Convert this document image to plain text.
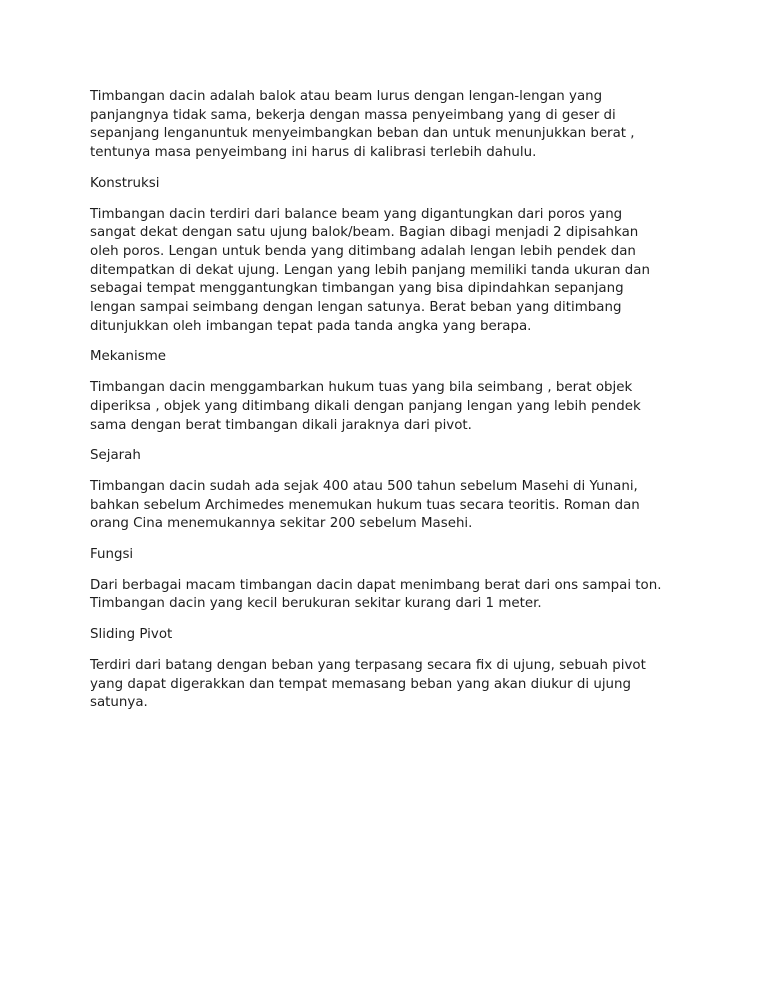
Timbangan dacin adalah balok atau beam lurus dengan lengan-lengan yang
panjangnya tidak sama, bekerja dengan massa penyeimbang yang di geser di
sepanjang lenganuntuk menyeimbangkan beban dan untuk menunjukkan berat ,
tentunya masa penyeimbang ini harus di kalibrasi terlebih dahulu.

Konstruksi

Timbangan dacin terdiri dari balance beam yang digantungkan dari poros yang
sangat dekat dengan satu ujung balok/beam. Bagian dibagi menjadi 2 dipisahkan
oleh poros. Lengan untuk benda yang ditimbang adalah lengan lebih pendek dan
ditempatkan di dekat ujung. Lengan yang lebih panjang memiliki tanda ukuran dan
sebagai tempat menggantungkan timbangan yang bisa dipindahkan sepanjang
lengan sampai seimbang dengan lengan satunya. Berat beban yang ditimbang
ditunjukkan oleh imbangan tepat pada tanda angka yang berapa.

Mekanisme

Timbangan dacin menggambarkan hukum tuas yang bila seimbang , berat objek
diperiksa , objek yang ditimbang dikali dengan panjang lengan yang lebih pendek
sama dengan berat timbangan dikali jaraknya dari pivot.

Sejarah

Timbangan dacin sudah ada sejak 400 atau 500 tahun sebelum Masehi di Yunani,
bahkan sebelum Archimedes menemukan hukum tuas secara teoritis. Roman dan
orang Cina menemukannya sekitar 200 sebelum Masehi.

Fungsi

Dari berbagai macam timbangan dacin dapat menimbang berat dari ons sampai ton.
Timbangan dacin yang kecil berukuran sekitar kurang dari 1 meter.

Sliding Pivot

Terdiri dari batang dengan beban yang terpasang secara fix di ujung, sebuah pivot
yang dapat digerakkan dan tempat memasang beban yang akan diukur di ujung
satunya.
